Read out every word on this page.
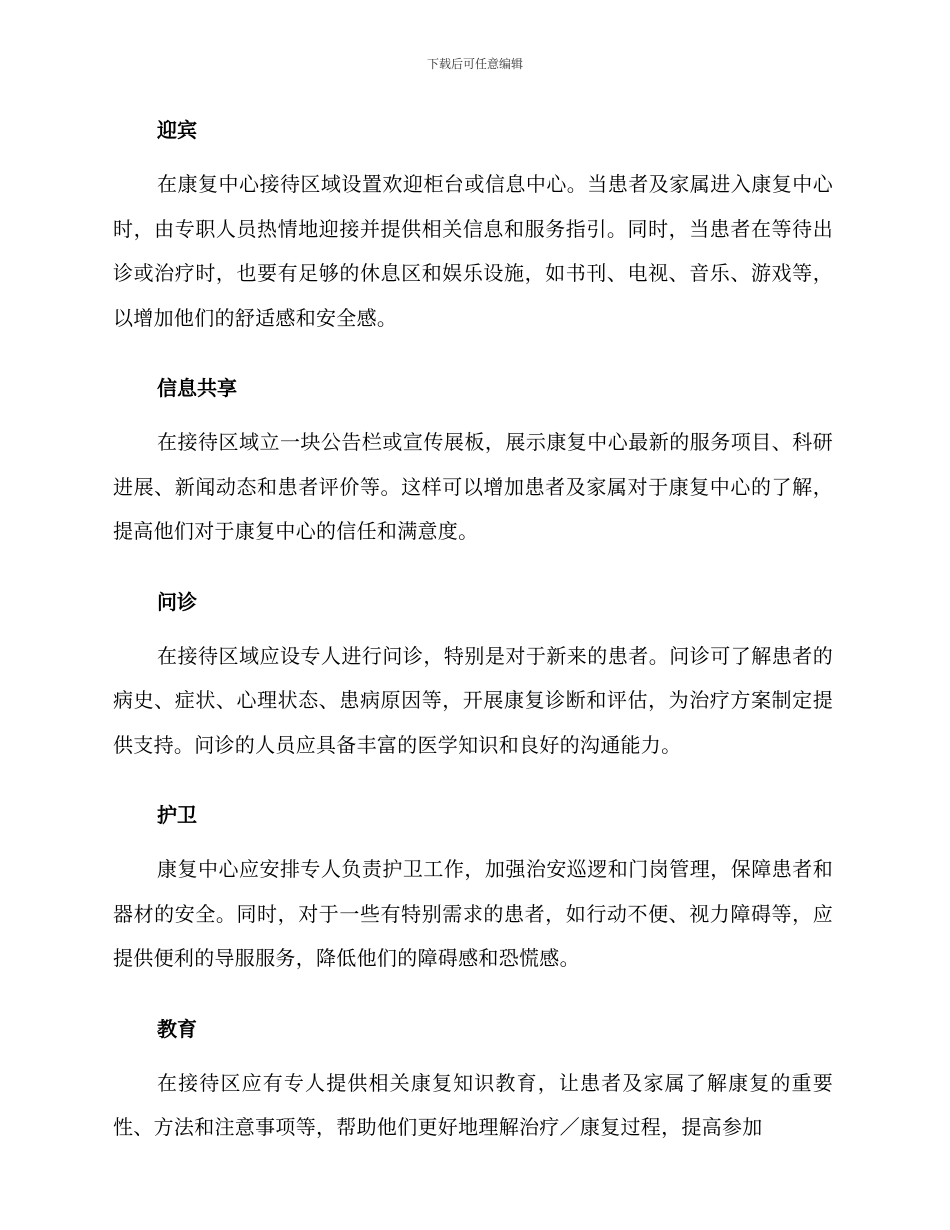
下载后可任意编辑
迎宾

在康复中心接待区域设置欢迎柜台或信息中心。当患者及家属进入康复中心时，由专职人员热情地迎接并提供相关信息和服务指引。同时，当患者在等待出诊或治疗时，也要有足够的休息区和娱乐设施，如书刊、电视、音乐、游戏等，以增加他们的舒适感和安全感。

信息共享

在接待区域立一块公告栏或宣传展板，展示康复中心最新的服务项目、科研进展、新闻动态和患者评价等。这样可以增加患者及家属对于康复中心的了解，提高他们对于康复中心的信任和满意度。

问诊

在接待区域应设专人进行问诊，特别是对于新来的患者。问诊可了解患者的病史、症状、心理状态、患病原因等，开展康复诊断和评估，为治疗方案制定提供支持。问诊的人员应具备丰富的医学知识和良好的沟通能力。

护卫

康复中心应安排专人负责护卫工作，加强治安巡逻和门岗管理，保障患者和器材的安全。同时，对于一些有特别需求的患者，如行动不便、视力障碍等，应提供便利的导服服务，降低他们的障碍感和恐慌感。

教育

在接待区应有专人提供相关康复知识教育，让患者及家属了解康复的重要性、方法和注意事项等，帮助他们更好地理解治疗／康复过程，提高参加
